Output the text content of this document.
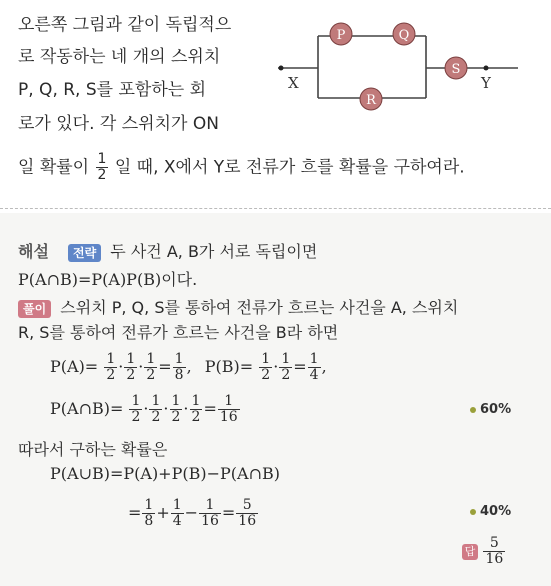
오른쪽 그림과 같이 독립적으
로 작동하는 네 개의 스위치
P, Q, R, S를 포함하는 회
로가 있다. 각 스위치가 ON
일 확률이 $\frac{1}{2}$ 일 때, X에서 Y로 전류가 흐를 확률을 구하여라.
X	Y
P	Q
R
S
해설 전략 두 사건 A, B가 서로 독립이면
P(A∩B)=P(A)P(B)이다.
풀이 스위치 P, Q, S를 통하여 전류가 흐르는 사건을 A, 스위치
R, S를 통하여 전류가 흐르는 사건을 B라 하면
$P(A)= \frac{1}{2} \cdot \frac{1}{2} \cdot \frac{1}{2} = \frac{1}{8}$ , $P(B)= \frac{1}{2} \cdot \frac{1}{2} = \frac{1}{4}$ ,
P(A∩B)= $\frac{1}{2} \cdot \frac{1}{2} \cdot \frac{1}{2} \cdot \frac{1}{2} = \frac{1}{16}$	60%
따라서 구하는 확률은
P(A∪B)=P(A)+P(B)−P(A∩B)
= $\frac{1}{8} + \frac{1}{4} - \frac{1}{16} = \frac{5}{16}$	40%
답 $\frac{5}{16}$
